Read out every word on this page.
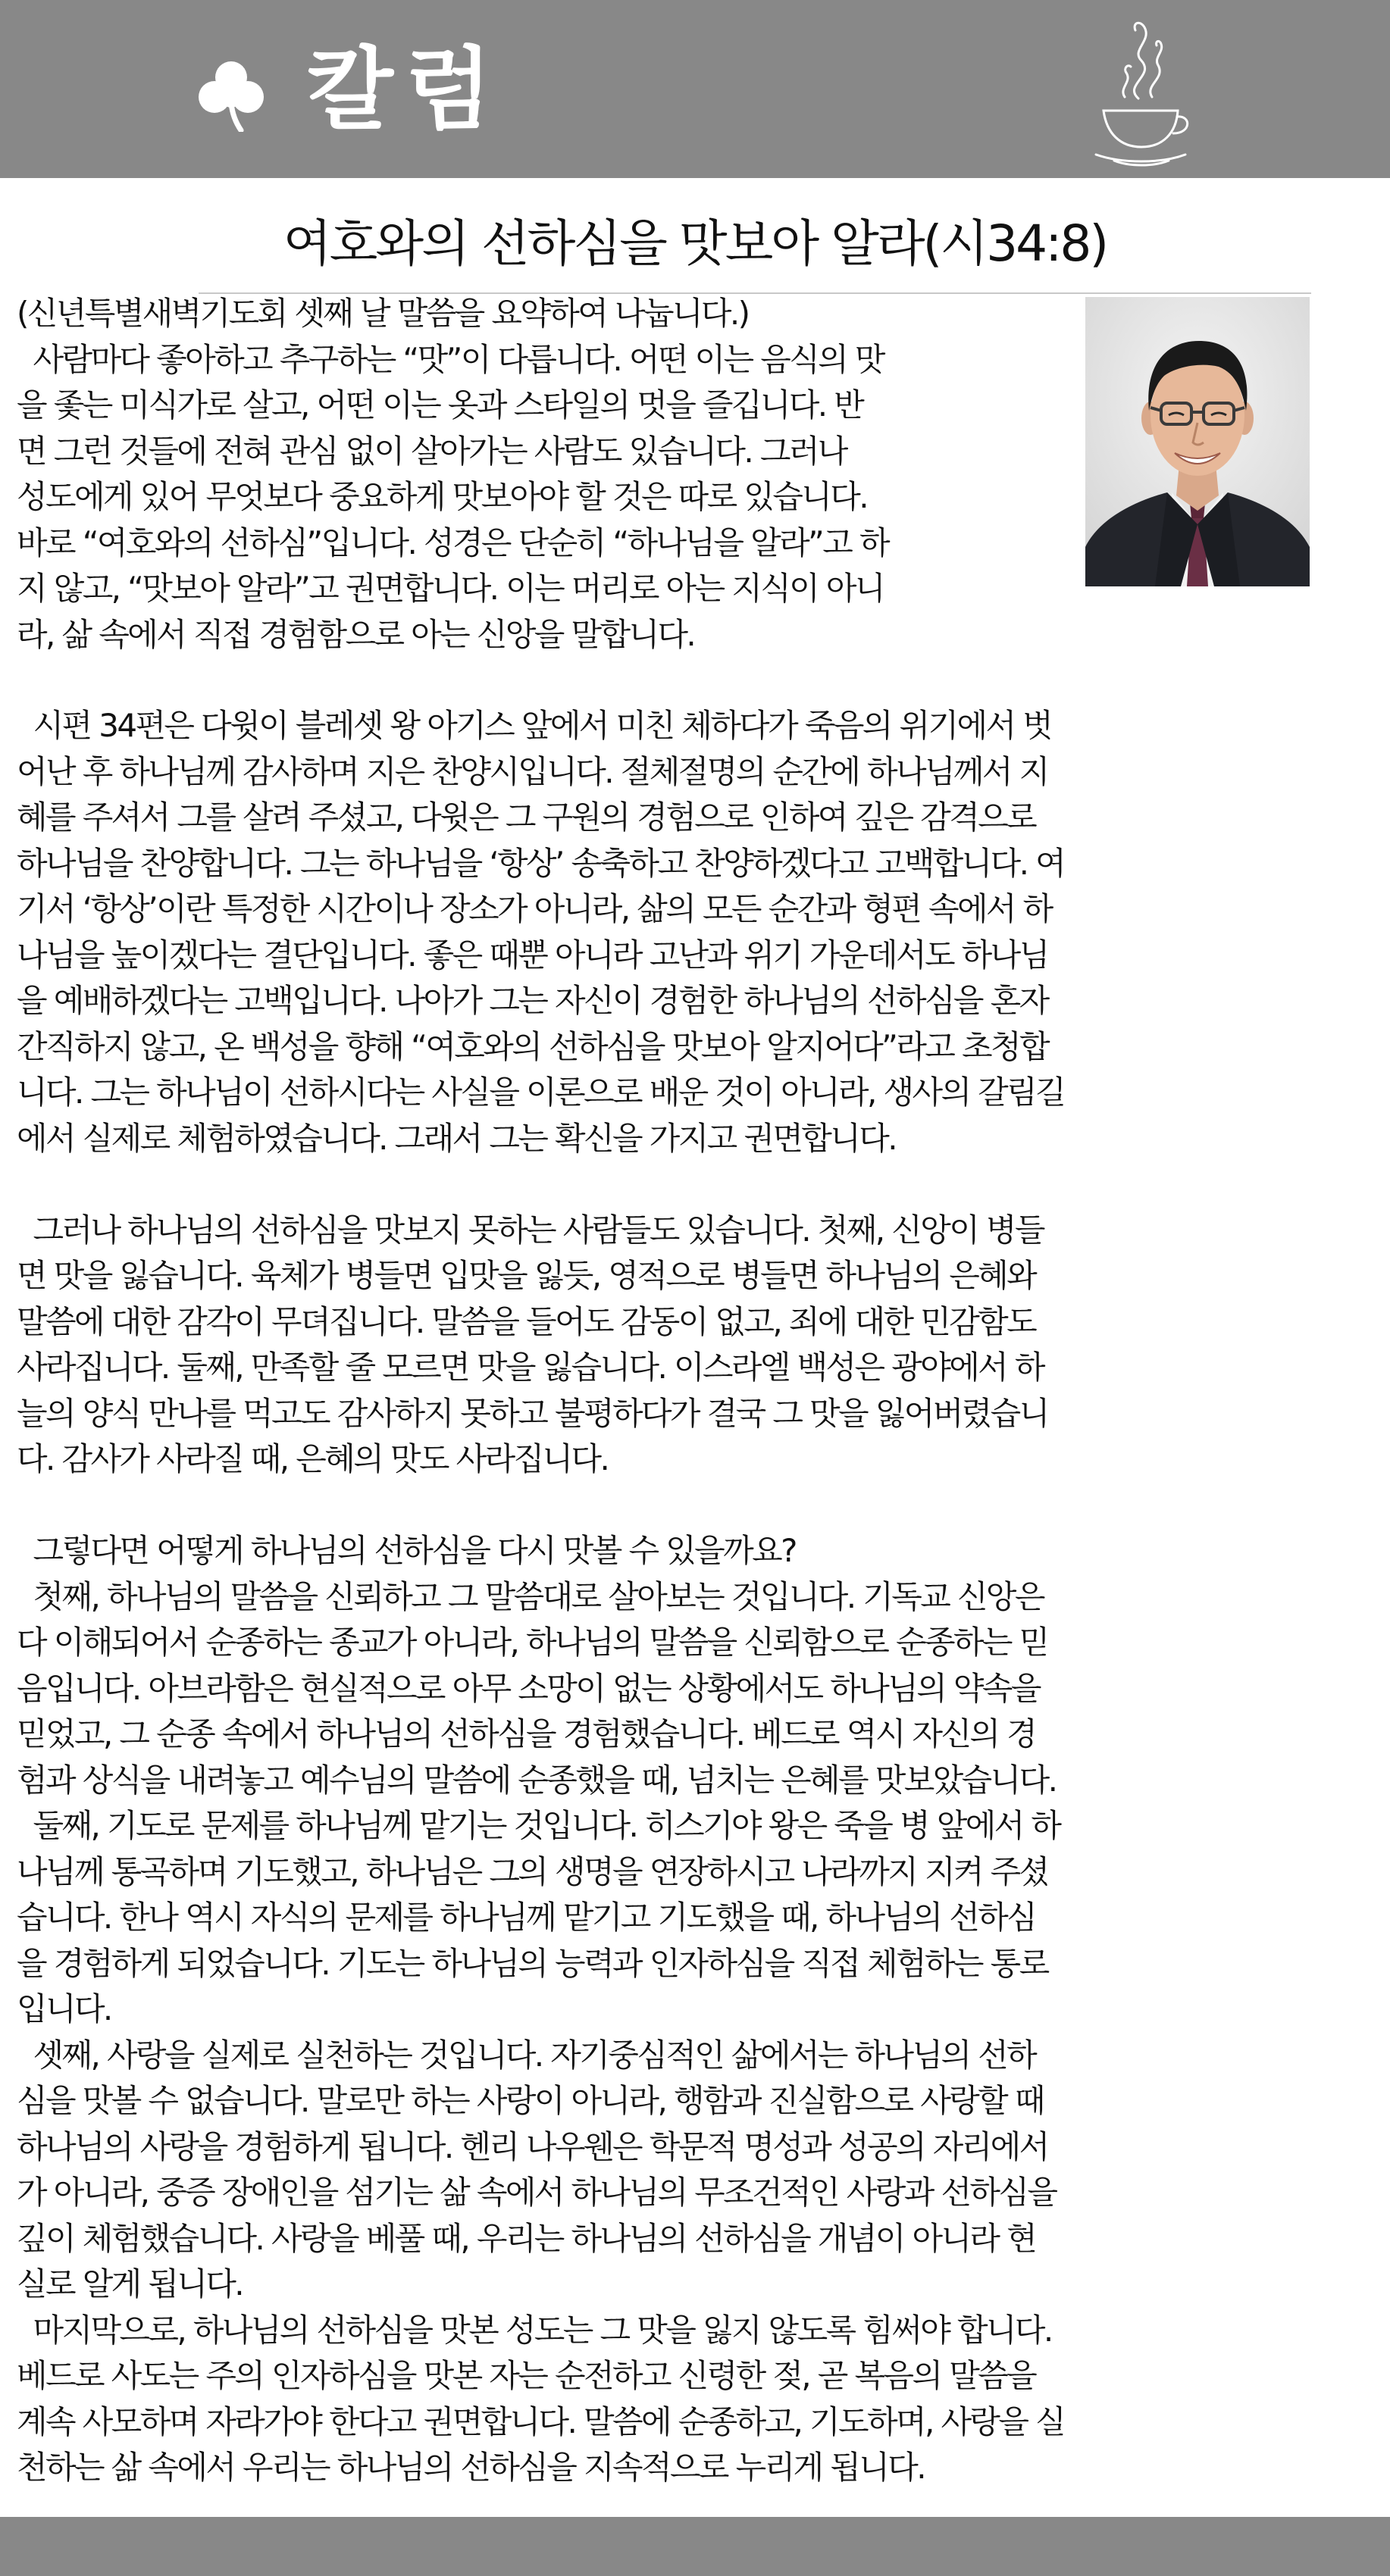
칼럼
여호와의 선하심을 맛보아 알라(시34:8)
(신년특별새벽기도회 셋째 날 말씀을 요약하여 나눕니다.)
사람마다 좋아하고 추구하는 “맛”이 다릅니다. 어떤 이는 음식의 맛
을 좇는 미식가로 살고, 어떤 이는 옷과 스타일의 멋을 즐깁니다. 반
면 그런 것들에 전혀 관심 없이 살아가는 사람도 있습니다. 그러나
성도에게 있어 무엇보다 중요하게 맛보아야 할 것은 따로 있습니다.
바로 “여호와의 선하심”입니다. 성경은 단순히 “하나님을 알라”고 하
지 않고, “맛보아 알라”고 권면합니다. 이는 머리로 아는 지식이 아니
라, 삶 속에서 직접 경험함으로 아는 신앙을 말합니다.
시편 34편은 다윗이 블레셋 왕 아기스 앞에서 미친 체하다가 죽음의 위기에서 벗
어난 후 하나님께 감사하며 지은 찬양시입니다. 절체절명의 순간에 하나님께서 지
혜를 주셔서 그를 살려 주셨고, 다윗은 그 구원의 경험으로 인하여 깊은 감격으로
하나님을 찬양합니다. 그는 하나님을 ‘항상’ 송축하고 찬양하겠다고 고백합니다. 여
기서 ‘항상’이란 특정한 시간이나 장소가 아니라, 삶의 모든 순간과 형편 속에서 하
나님을 높이겠다는 결단입니다. 좋은 때뿐 아니라 고난과 위기 가운데서도 하나님
을 예배하겠다는 고백입니다. 나아가 그는 자신이 경험한 하나님의 선하심을 혼자
간직하지 않고, 온 백성을 향해 “여호와의 선하심을 맛보아 알지어다”라고 초청합
니다. 그는 하나님이 선하시다는 사실을 이론으로 배운 것이 아니라, 생사의 갈림길
에서 실제로 체험하였습니다. 그래서 그는 확신을 가지고 권면합니다.
그러나 하나님의 선하심을 맛보지 못하는 사람들도 있습니다. 첫째, 신앙이 병들
면 맛을 잃습니다. 육체가 병들면 입맛을 잃듯, 영적으로 병들면 하나님의 은혜와
말씀에 대한 감각이 무뎌집니다. 말씀을 들어도 감동이 없고, 죄에 대한 민감함도
사라집니다. 둘째, 만족할 줄 모르면 맛을 잃습니다. 이스라엘 백성은 광야에서 하
늘의 양식 만나를 먹고도 감사하지 못하고 불평하다가 결국 그 맛을 잃어버렸습니
다. 감사가 사라질 때, 은혜의 맛도 사라집니다.
그렇다면 어떻게 하나님의 선하심을 다시 맛볼 수 있을까요?
첫째, 하나님의 말씀을 신뢰하고 그 말씀대로 살아보는 것입니다. 기독교 신앙은
다 이해되어서 순종하는 종교가 아니라, 하나님의 말씀을 신뢰함으로 순종하는 믿
음입니다. 아브라함은 현실적으로 아무 소망이 없는 상황에서도 하나님의 약속을
믿었고, 그 순종 속에서 하나님의 선하심을 경험했습니다. 베드로 역시 자신의 경
험과 상식을 내려놓고 예수님의 말씀에 순종했을 때, 넘치는 은혜를 맛보았습니다.
둘째, 기도로 문제를 하나님께 맡기는 것입니다. 히스기야 왕은 죽을 병 앞에서 하
나님께 통곡하며 기도했고, 하나님은 그의 생명을 연장하시고 나라까지 지켜 주셨
습니다. 한나 역시 자식의 문제를 하나님께 맡기고 기도했을 때, 하나님의 선하심
을 경험하게 되었습니다. 기도는 하나님의 능력과 인자하심을 직접 체험하는 통로
입니다.
셋째, 사랑을 실제로 실천하는 것입니다. 자기중심적인 삶에서는 하나님의 선하
심을 맛볼 수 없습니다. 말로만 하는 사랑이 아니라, 행함과 진실함으로 사랑할 때
하나님의 사랑을 경험하게 됩니다. 헨리 나우웬은 학문적 명성과 성공의 자리에서
가 아니라, 중증 장애인을 섬기는 삶 속에서 하나님의 무조건적인 사랑과 선하심을
깊이 체험했습니다. 사랑을 베풀 때, 우리는 하나님의 선하심을 개념이 아니라 현
실로 알게 됩니다.
마지막으로, 하나님의 선하심을 맛본 성도는 그 맛을 잃지 않도록 힘써야 합니다.
베드로 사도는 주의 인자하심을 맛본 자는 순전하고 신령한 젖, 곧 복음의 말씀을
계속 사모하며 자라가야 한다고 권면합니다. 말씀에 순종하고, 기도하며, 사랑을 실
천하는 삶 속에서 우리는 하나님의 선하심을 지속적으로 누리게 됩니다.
